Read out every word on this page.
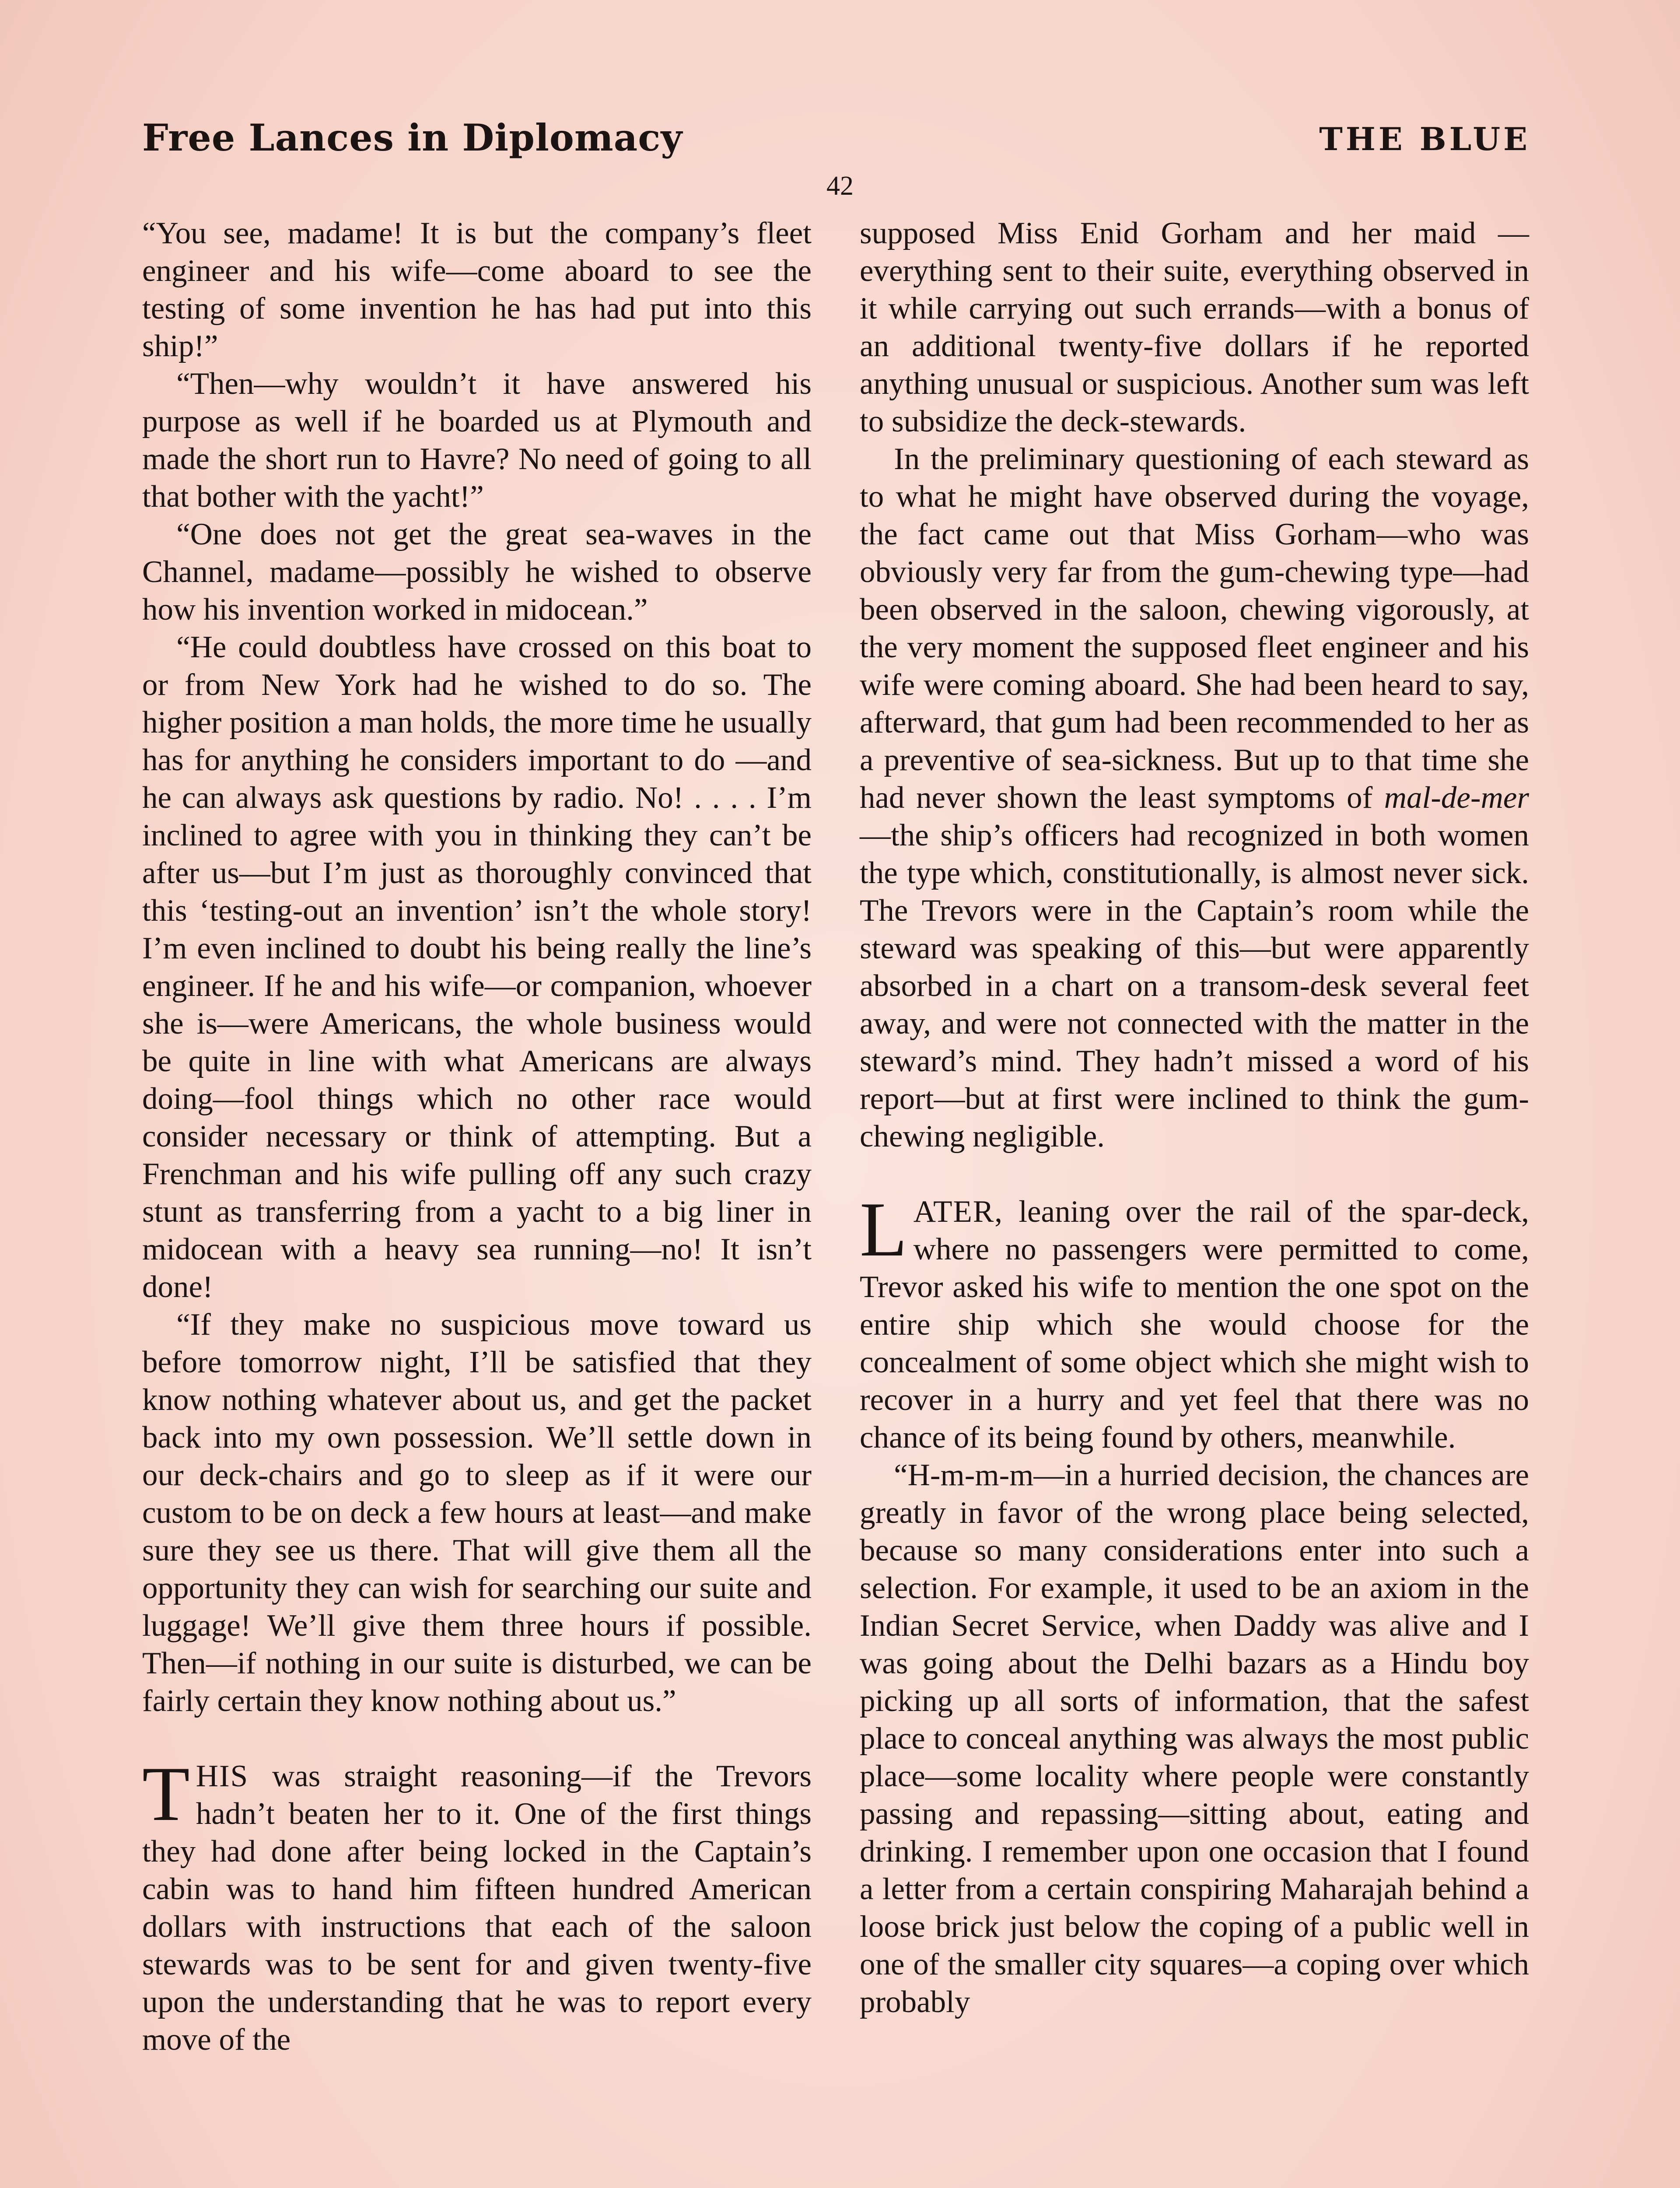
Free Lances in Diplomacy	THE BLUE
42

“You see, madame! It is but the company’s fleet engineer and his wife—come aboard to see the testing of some invention he has had put into this ship!”

“Then—why wouldn’t it have answered his purpose as well if he boarded us at Plymouth and made the short run to Havre? No need of going to all that bother with the yacht!”

“One does not get the great sea-waves in the Channel, madame—possibly he wished to observe how his invention worked in midocean.”

“He could doubtless have crossed on this boat to or from New York had he wished to do so. The higher position a man holds, the more time he usually has for anything he considers important to do —and he can always ask questions by radio. No! . . . . I’m inclined to agree with you in thinking they can’t be after us—but I’m just as thoroughly convinced that this ‘testing-out an invention’ isn’t the whole story! I’m even inclined to doubt his being really the line’s engineer. If he and his wife—or companion, whoever she is—were Americans, the whole business would be quite in line with what Americans are always doing—fool things which no other race would consider necessary or think of attempting. But a Frenchman and his wife pulling off any such crazy stunt as transferring from a yacht to a big liner in midocean with a heavy sea running—no! It isn’t done!

“If they make no suspicious move toward us before tomorrow night, I’ll be satisfied that they know nothing whatever about us, and get the packet back into my own possession. We’ll settle down in our deck-chairs and go to sleep as if it were our custom to be on deck a few hours at least—and make sure they see us there. That will give them all the opportunity they can wish for searching our suite and luggage! We’ll give them three hours if possible. Then—if nothing in our suite is disturbed, we can be fairly certain they know nothing about us.”

THIS was straight reasoning—if the Trevors hadn’t beaten her to it. One of the first things they had done after being locked in the Captain’s cabin was to hand him fifteen hundred American dollars with instructions that each of the saloon stewards was to be sent for and given twenty-five upon the understanding that he was to report every move of the

supposed Miss Enid Gorham and her maid —everything sent to their suite, everything observed in it while carrying out such errands—with a bonus of an additional twenty-five dollars if he reported anything unusual or suspicious. Another sum was left to subsidize the deck-stewards.

In the preliminary questioning of each steward as to what he might have observed during the voyage, the fact came out that Miss Gorham—who was obviously very far from the gum-chewing type—had been observed in the saloon, chewing vigorously, at the very moment the supposed fleet engineer and his wife were coming aboard. She had been heard to say, afterward, that gum had been recommended to her as a preventive of sea-sickness. But up to that time she had never shown the least symptoms of mal-de-mer—the ship’s officers had recognized in both women the type which, constitutionally, is almost never sick. The Trevors were in the Captain’s room while the steward was speaking of this—but were apparently absorbed in a chart on a transom-desk several feet away, and were not connected with the matter in the steward’s mind. They hadn’t missed a word of his report—but at first were inclined to think the gum-chewing negligible.

LATER, leaning over the rail of the spar-deck, where no passengers were permitted to come, Trevor asked his wife to mention the one spot on the entire ship which she would choose for the concealment of some object which she might wish to recover in a hurry and yet feel that there was no chance of its being found by others, meanwhile.

“H-m-m-m—in a hurried decision, the chances are greatly in favor of the wrong place being selected, because so many considerations enter into such a selection. For example, it used to be an axiom in the Indian Secret Service, when Daddy was alive and I was going about the Delhi bazars as a Hindu boy picking up all sorts of information, that the safest place to conceal anything was always the most public place—some locality where people were constantly passing and repassing—sitting about, eating and drinking. I remember upon one occasion that I found a letter from a certain conspiring Maharajah behind a loose brick just below the coping of a public well in one of the smaller city squares—a coping over which probably
